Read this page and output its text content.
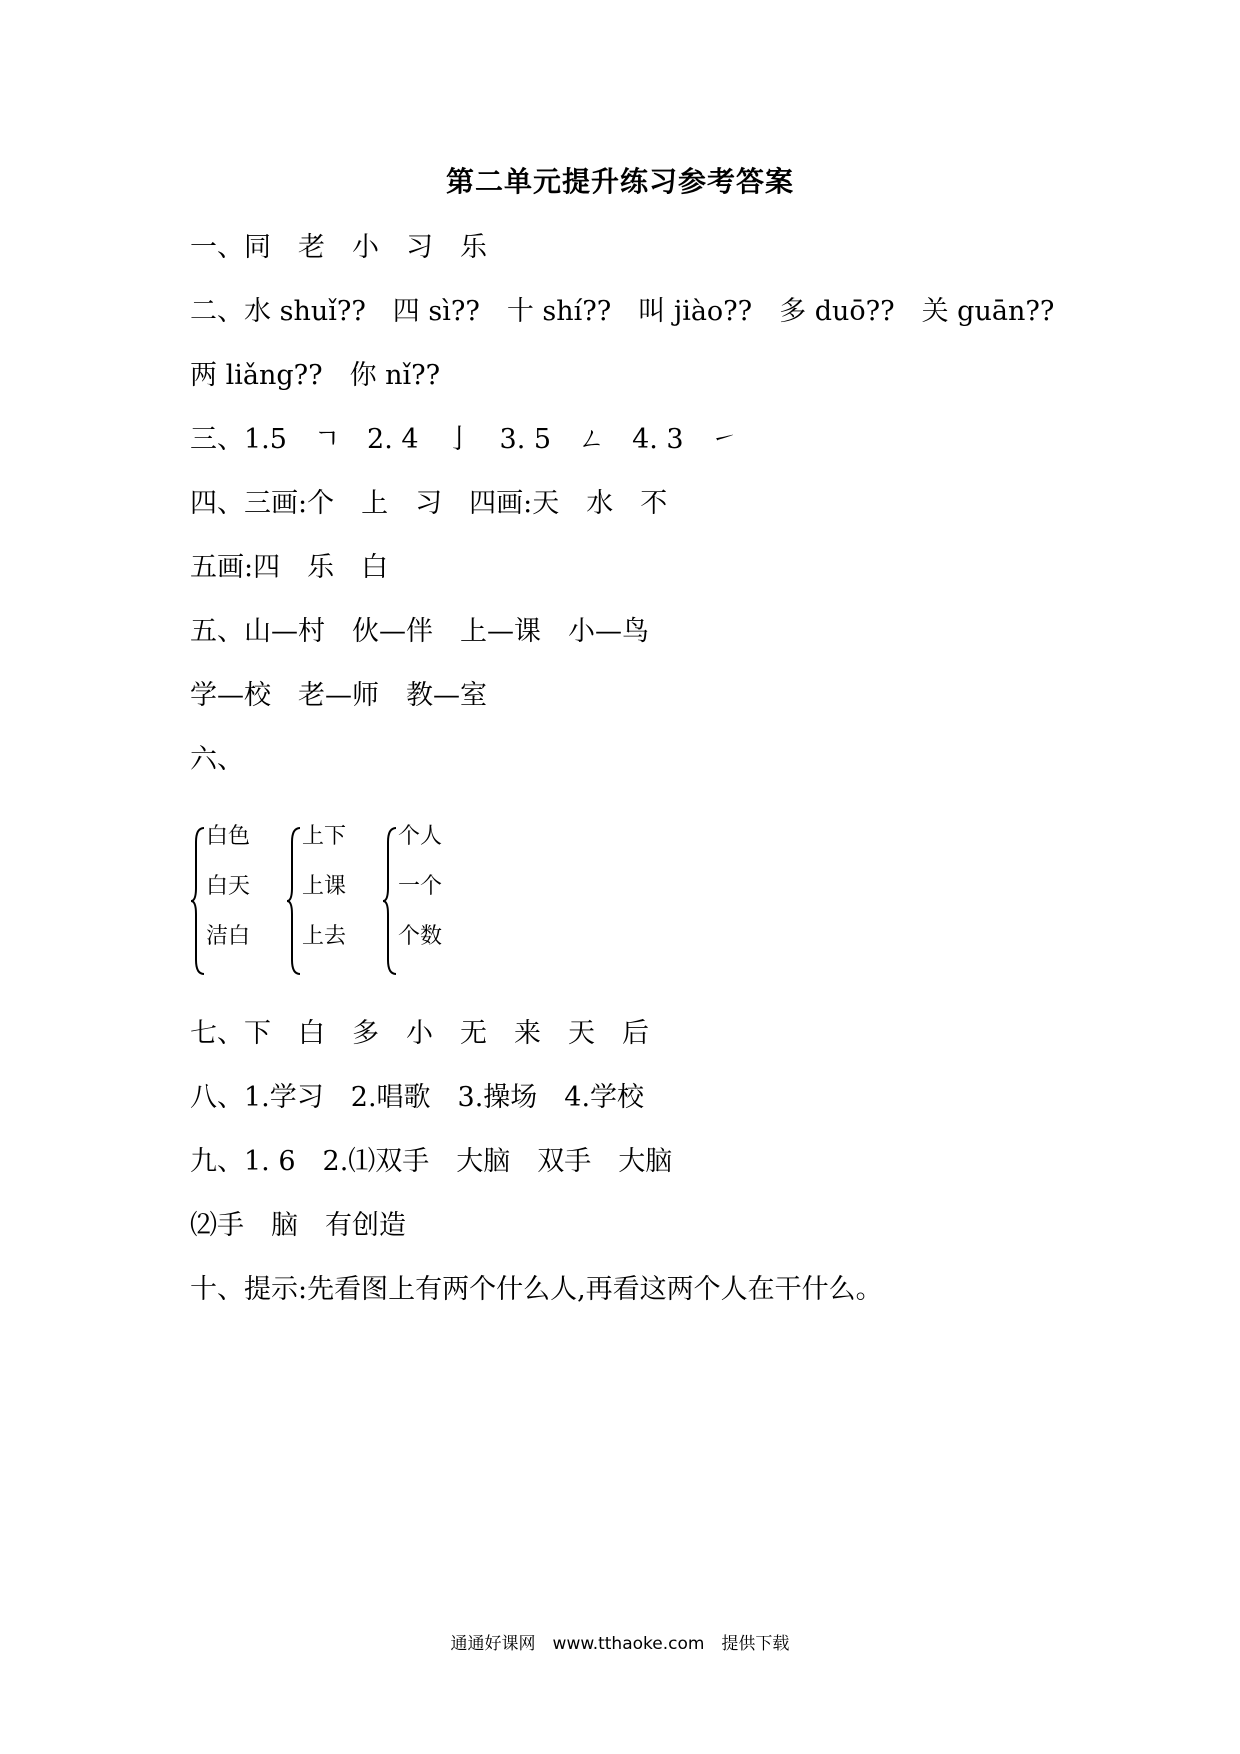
第二单元提升练习参考答案
一、同　老　小　习　乐
二、水 shuǐ??　四 sì??　十 shí??　叫 jiào??　多 duō??　关 guān??
两 liǎng??　你 nǐ??
三、1.5　ㄱ　2. 4　亅　3. 5　ㄥ　4. 3　㇀
四、三画:个　上　习　四画:天　水　不
五画:四　乐　白
五、山—村　伙—伴　上—课　小—鸟
学—校　老—师　教—室
六、
白色
白天
洁白
上下
上课
上去
个人
一个
个数
七、下　白　多　小　无　来　天　后
八、1.学习　2.唱歌　3.操场　4.学校
九、1. 6　2.⑴双手　大脑　双手　大脑
⑵手　脑　有创造
十、提示:先看图上有两个什么人,再看这两个人在干什么。
通通好课网　www.tthaoke.com　提供下载
